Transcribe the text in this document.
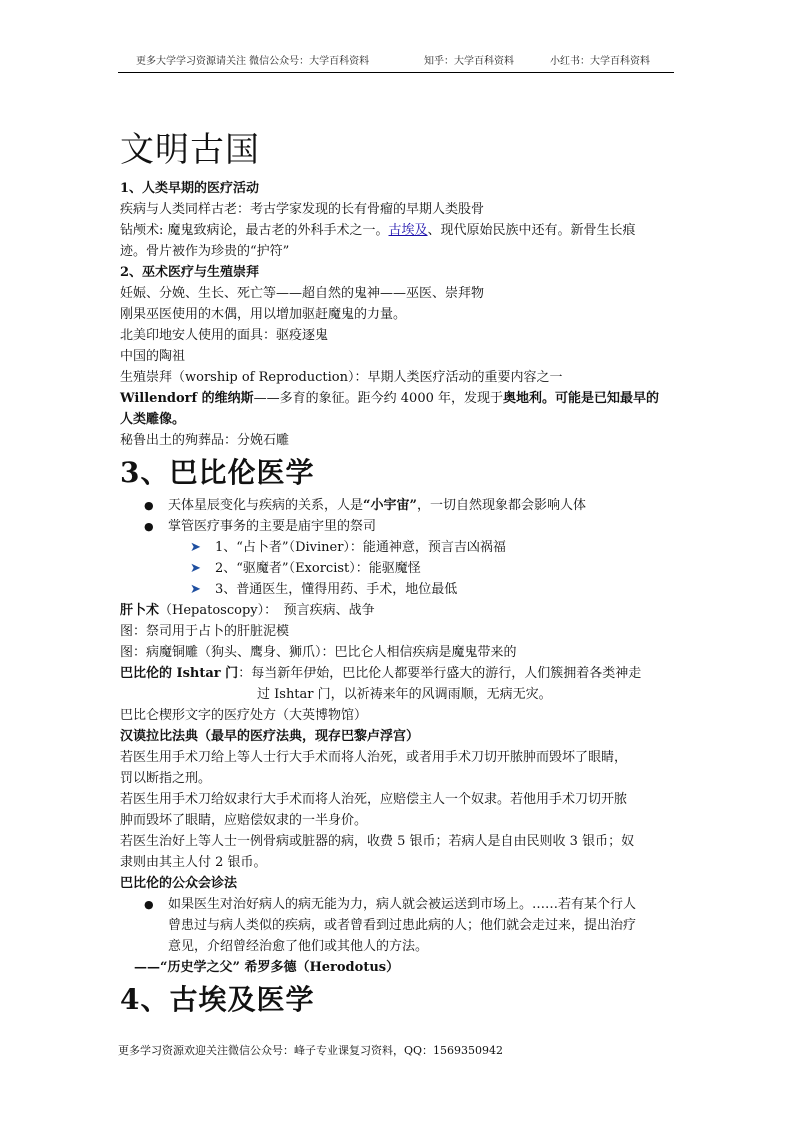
更多大学学习资源请关注 微信公众号：大学百科资料	知乎：大学百科资料	小红书：大学百科资料
文明古国
1、人类早期的医疗活动
疾病与人类同样古老：考古学家发现的长有骨瘤的早期人类股骨
钻颅术: 魔鬼致病论，最古老的外科手术之一。古埃及、现代原始民族中还有。新骨生长痕
迹。骨片被作为珍贵的“护符”
2、巫术医疗与生殖崇拜
妊娠、分娩、生长、死亡等——超自然的鬼神——巫医、崇拜物
刚果巫医使用的木偶，用以增加驱赶魔鬼的力量。
北美印地安人使用的面具：驱疫逐鬼
中国的陶祖
生殖崇拜（worship of Reproduction）：早期人类医疗活动的重要内容之一
Willendorf 的维纳斯——多育的象征。距今约 4000 年，发现于奥地利。可能是已知最早的
人类雕像。
秘鲁出土的殉葬品：分娩石雕
3、巴比伦医学
● 天体星辰变化与疾病的关系，人是“小宇宙”，一切自然现象都会影响人体
● 掌管医疗事务的主要是庙宇里的祭司
➤ 1、“占卜者”（Diviner）：能通神意，预言吉凶祸福
➤ 2、“驱魔者”（Exorcist）：能驱魔怪
➤ 3、普通医生，懂得用药、手术，地位最低
肝卜术（Hepatoscopy）：　预言疾病、战争
图：祭司用于占卜的肝脏泥模
图：病魔铜雕（狗头、鹰身、狮爪）：巴比仑人相信疾病是魔鬼带来的
巴比伦的 Ishtar 门：每当新年伊始，巴比伦人都要举行盛大的游行，人们簇拥着各类神走
过 Ishtar 门，以祈祷来年的风调雨顺，无病无灾。
巴比仑楔形文字的医疗处方（大英博物馆）
汉谟拉比法典（最早的医疗法典，现存巴黎卢浮宫）
若医生用手术刀给上等人士行大手术而将人治死，或者用手术刀切开脓肿而毁坏了眼睛，
罚以断指之刑。
若医生用手术刀给奴隶行大手术而将人治死，应赔偿主人一个奴隶。若他用手术刀切开脓
肿而毁坏了眼睛，应赔偿奴隶的一半身价。
若医生治好上等人士一例骨病或脏器的病，收费 5 银币；若病人是自由民则收 3 银币；奴
隶则由其主人付 2 银币。
巴比伦的公众会诊法
● 如果医生对治好病人的病无能为力，病人就会被运送到市场上。……若有某个行人
曾患过与病人类似的疾病，或者曾看到过患此病的人；他们就会走过来，提出治疗
意见，介绍曾经治愈了他们或其他人的方法。
——“历史学之父” 希罗多德（Herodotus）
4、古埃及医学
更多学习资源欢迎关注微信公众号：峰子专业课复习资料，QQ：1569350942
